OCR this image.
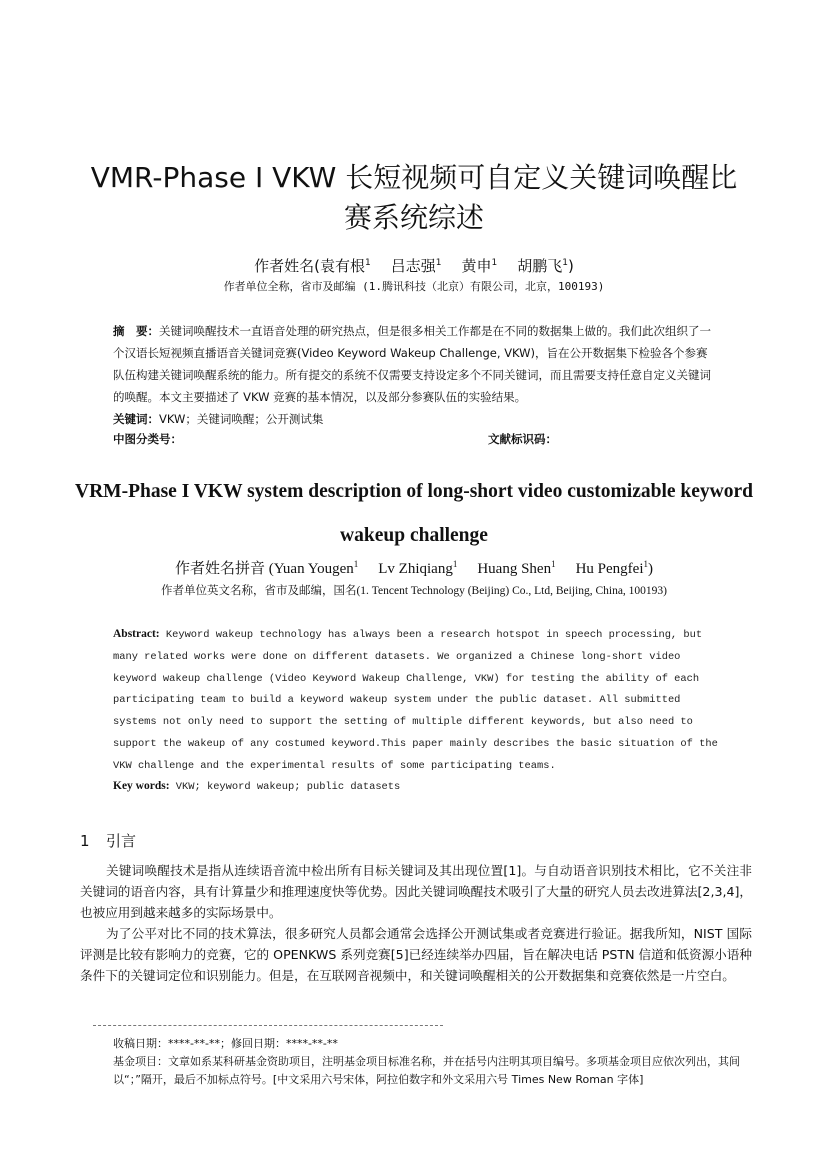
VMR-Phase Ⅰ VKW 长短视频可自定义关键词唤醒比
赛系统综述
作者姓名(袁有根$^1$ 吕志强$^1$ 黄申$^1$ 胡鹏飞$^1$)
作者单位全称，省市及邮编 (1.腾讯科技（北京）有限公司，北京，100193)
摘　要：关键词唤醒技术一直语音处理的研究热点，但是很多相关工作都是在不同的数据集上做的。我们此次组织了一个汉语长短视频直播语音关键词竞赛(Video Keyword Wakeup Challenge, VKW)，旨在公开数据集下检验各个参赛队伍构建关键词唤醒系统的能力。所有提交的系统不仅需要支持设定多个不同关键词，而且需要支持任意自定义关键词的唤醒。本文主要描述了 VKW 竞赛的基本情况，以及部分参赛队伍的实验结果。
关键词：VKW；关键词唤醒；公开测试集
中图分类号：	文献标识码：
VRM-Phase I VKW system description of long-short video customizable keyword wakeup challenge
作者姓名拼音 (Yuan Yougen$^1$ Lv Zhiqiang$^1$ Huang Shen$^1$ Hu Pengfei$^1$)
作者单位英文名称，省市及邮编，国名(1. Tencent Technology (Beijing) Co., Ltd, Beijing, China, 100193)
Abstract: Keyword wakeup technology has always been a research hotspot in speech processing, but many related works were done on different datasets. We organized a Chinese long-short video keyword wakeup challenge (Video Keyword Wakeup Challenge, VKW) for testing the ability of each participating team to build a keyword wakeup system under the public dataset. All submitted systems not only need to support the setting of multiple different keywords, but also need to support the wakeup of any costumed keyword.This paper mainly describes the basic situation of the VKW challenge and the experimental results of some participating teams.
Key words: VKW; keyword wakeup; public datasets
1 引言

关键词唤醒技术是指从连续语音流中检出所有目标关键词及其出现位置[1]。与自动语音识别技术相比，它不关注非关键词的语音内容，具有计算量少和推理速度快等优势。因此关键词唤醒技术吸引了大量的研究人员去改进算法[2,3,4]，也被应用到越来越多的实际场景中。

为了公平对比不同的技术算法，很多研究人员都会通常会选择公开测试集或者竞赛进行验证。据我所知，NIST 国际评测是比较有影响力的竞赛，它的 OPENKWS 系列竞赛[5]已经连续举办四届，旨在解决电话 PSTN 信道和低资源小语种条件下的关键词定位和识别能力。但是，在互联网音视频中，和关键词唤醒相关的公开数据集和竞赛依然是一片空白。

收稿日期：****-**-**；修回日期：****-**-**

基金项目：文章如系某科研基金资助项目，注明基金项目标准名称，并在括号内注明其项目编号。多项基金项目应依次列出，其间以“；”隔开，最后不加标点符号。[中文采用六号宋体，阿拉伯数字和外文采用六号 Times New Roman 字体]
